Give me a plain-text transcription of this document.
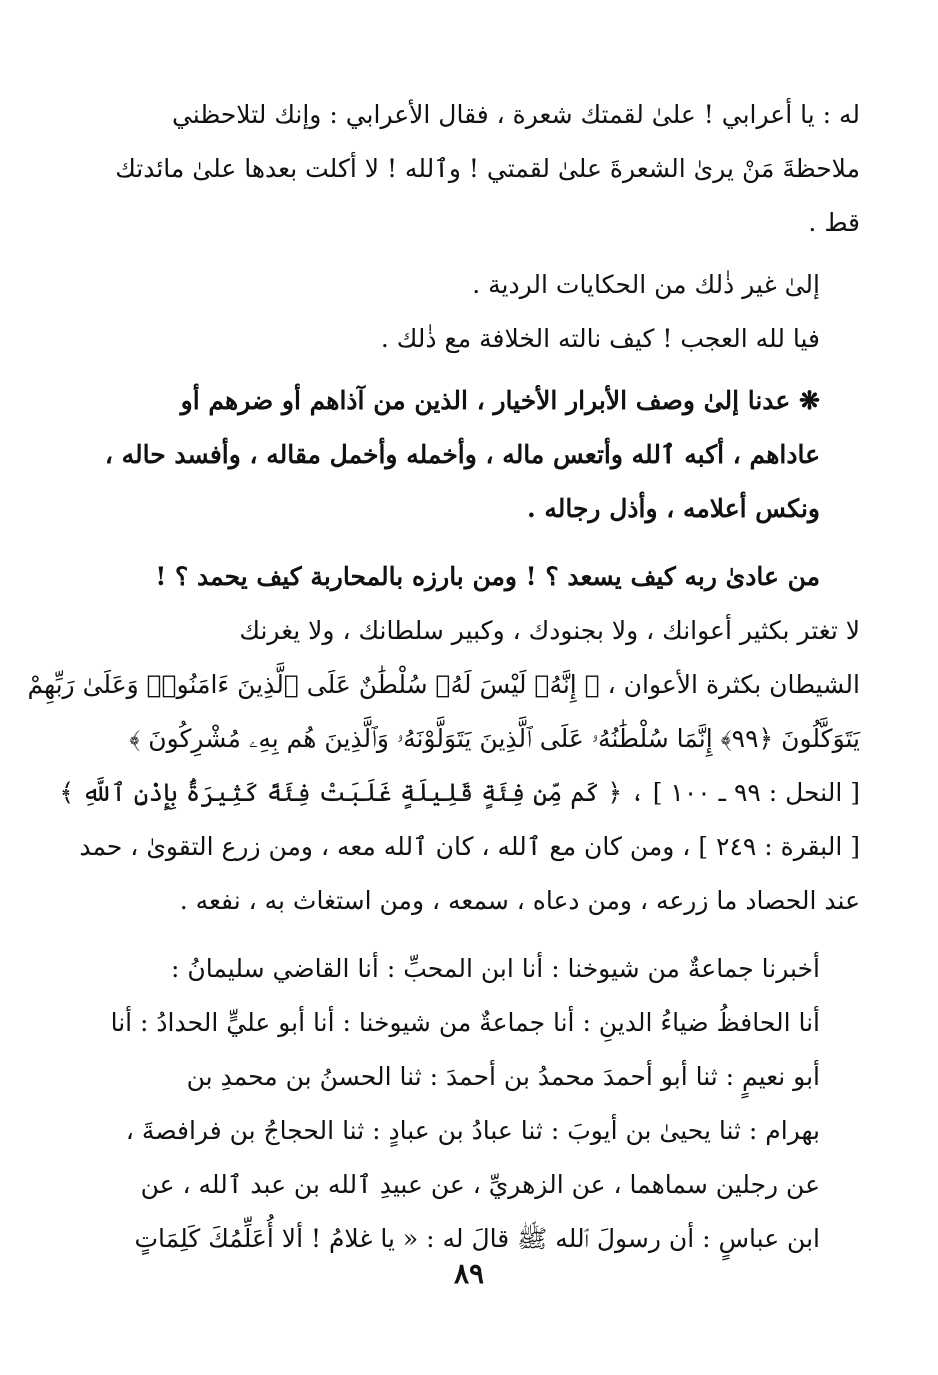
له : يا أعرابي ! علىٰ لقمتك شعرة ، فقال الأعرابي : وإنك لتلاحظني
ملاحظةَ مَنْ يرىٰ الشعرةَ علىٰ لقمتي ! وٱلله ! لا أكلت بعدها علىٰ مائدتك
قط .

إلىٰ غير ذٰلك من الحكايات الردية .

فيا لله العجب ! كيف نالته الخلافة مع ذٰلك .

❋ عدنا إلىٰ وصف الأبرار الأخيار ، الذين من آذاهم أو ضرهم أو
عاداهم ، أكبه ٱلله وأتعس ماله ، وأخمله وأخمل مقاله ، وأفسد حاله ،
ونكس أعلامه ، وأذل رجاله .

من عادىٰ ربه كيف يسعد ؟ ! ومن بارزه بالمحاربة كيف يحمد ؟ !

لا تغتر بكثير أعوانك ، ولا بجنودك ، وكبير سلطانك ، ولا يغرنك
الشيطان بكثرة الأعوان ، ﴿ إِنَّهُۥ لَيْسَ لَهُۥ سُلْطَٰنٌ عَلَى ٱلَّذِينَ ءَامَنُوا۟ وَعَلَىٰ رَبِّهِمْ
يَتَوَكَّلُونَ ﴿٩٩﴾ إِنَّمَا سُلْطَٰنُهُۥ عَلَى ٱلَّذِينَ يَتَوَلَّوْنَهُۥ وَٱلَّذِينَ هُم بِهِۦ مُشْرِكُونَ ﴾
[ النحل : ٩٩ ـ ١٠٠ ] ، ﴿ كَم مِّن فِئَةٍ قَلِيلَةٍ غَلَبَتْ فِئَةً كَثِيرَةًۢ بِإِذْنِ ٱللَّهِ ﴾
[ البقرة : ٢٤٩ ] ، ومن كان مع ٱلله ، كان ٱلله معه ، ومن زرع التقوىٰ ، حمد
عند الحصاد ما زرعه ، ومن دعاه ، سمعه ، ومن استغاث به ، نفعه .

أخبرنا جماعةٌ من شيوخنا : أنا ابن المحبِّ : أنا القاضي سليمانُ :
أنا الحافظُ ضياءُ الدينِ : أنا جماعةٌ من شيوخنا : أنا أبو عليٍّ الحدادُ : أنا
أبو نعيمٍ : ثنا أبو أحمدَ محمدُ بن أحمدَ : ثنا الحسنُ بن محمدِ بن
بهرام : ثنا يحيىٰ بن أيوبَ : ثنا عبادُ بن عبادٍ : ثنا الحجاجُ بن فرافصةَ ،
عن رجلين سماهما ، عن الزهريِّ ، عن عبيدِ ٱلله بن عبد ٱلله ، عن
ابن عباسٍ : أن رسولَ ٱلله ﷺ قالَ له : « يا غلامُ ! ألا أُعَلِّمُكَ كَلِمَاتٍ

٨٩
